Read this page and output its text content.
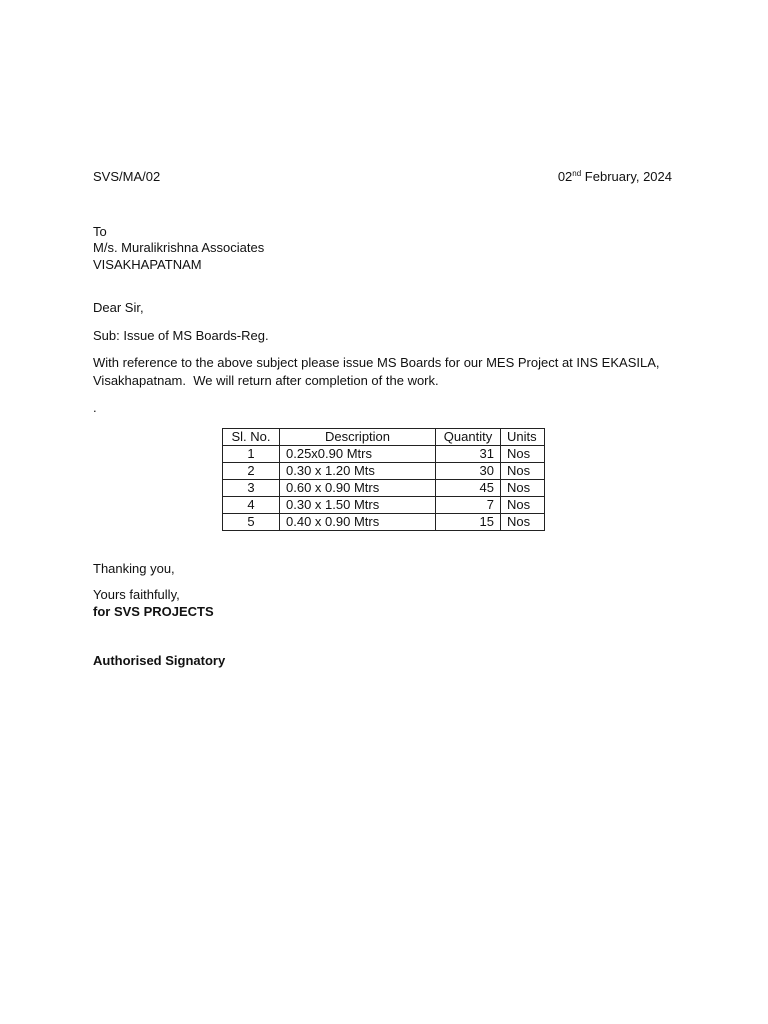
SVS/MA/02	02nd February, 2024
To
M/s. Muralikrishna Associates
VISAKHAPATNAM
Dear Sir,
Sub: Issue of MS Boards-Reg.
With reference to the above subject please issue MS Boards for our MES Project at INS EKASILA,
Visakhapatnam.  We will return after completion of the work.
.
Sl. No.	Description	Quantity	Units
1	0.25x0.90 Mtrs	31	Nos
2	0.30 x 1.20 Mts	30	Nos
3	0.60 x 0.90 Mtrs	45	Nos
4	0.30 x 1.50 Mtrs	7	Nos
5	0.40 x 0.90 Mtrs	15	Nos
Thanking you,
Yours faithfully,
for SVS PROJECTS
Authorised Signatory
